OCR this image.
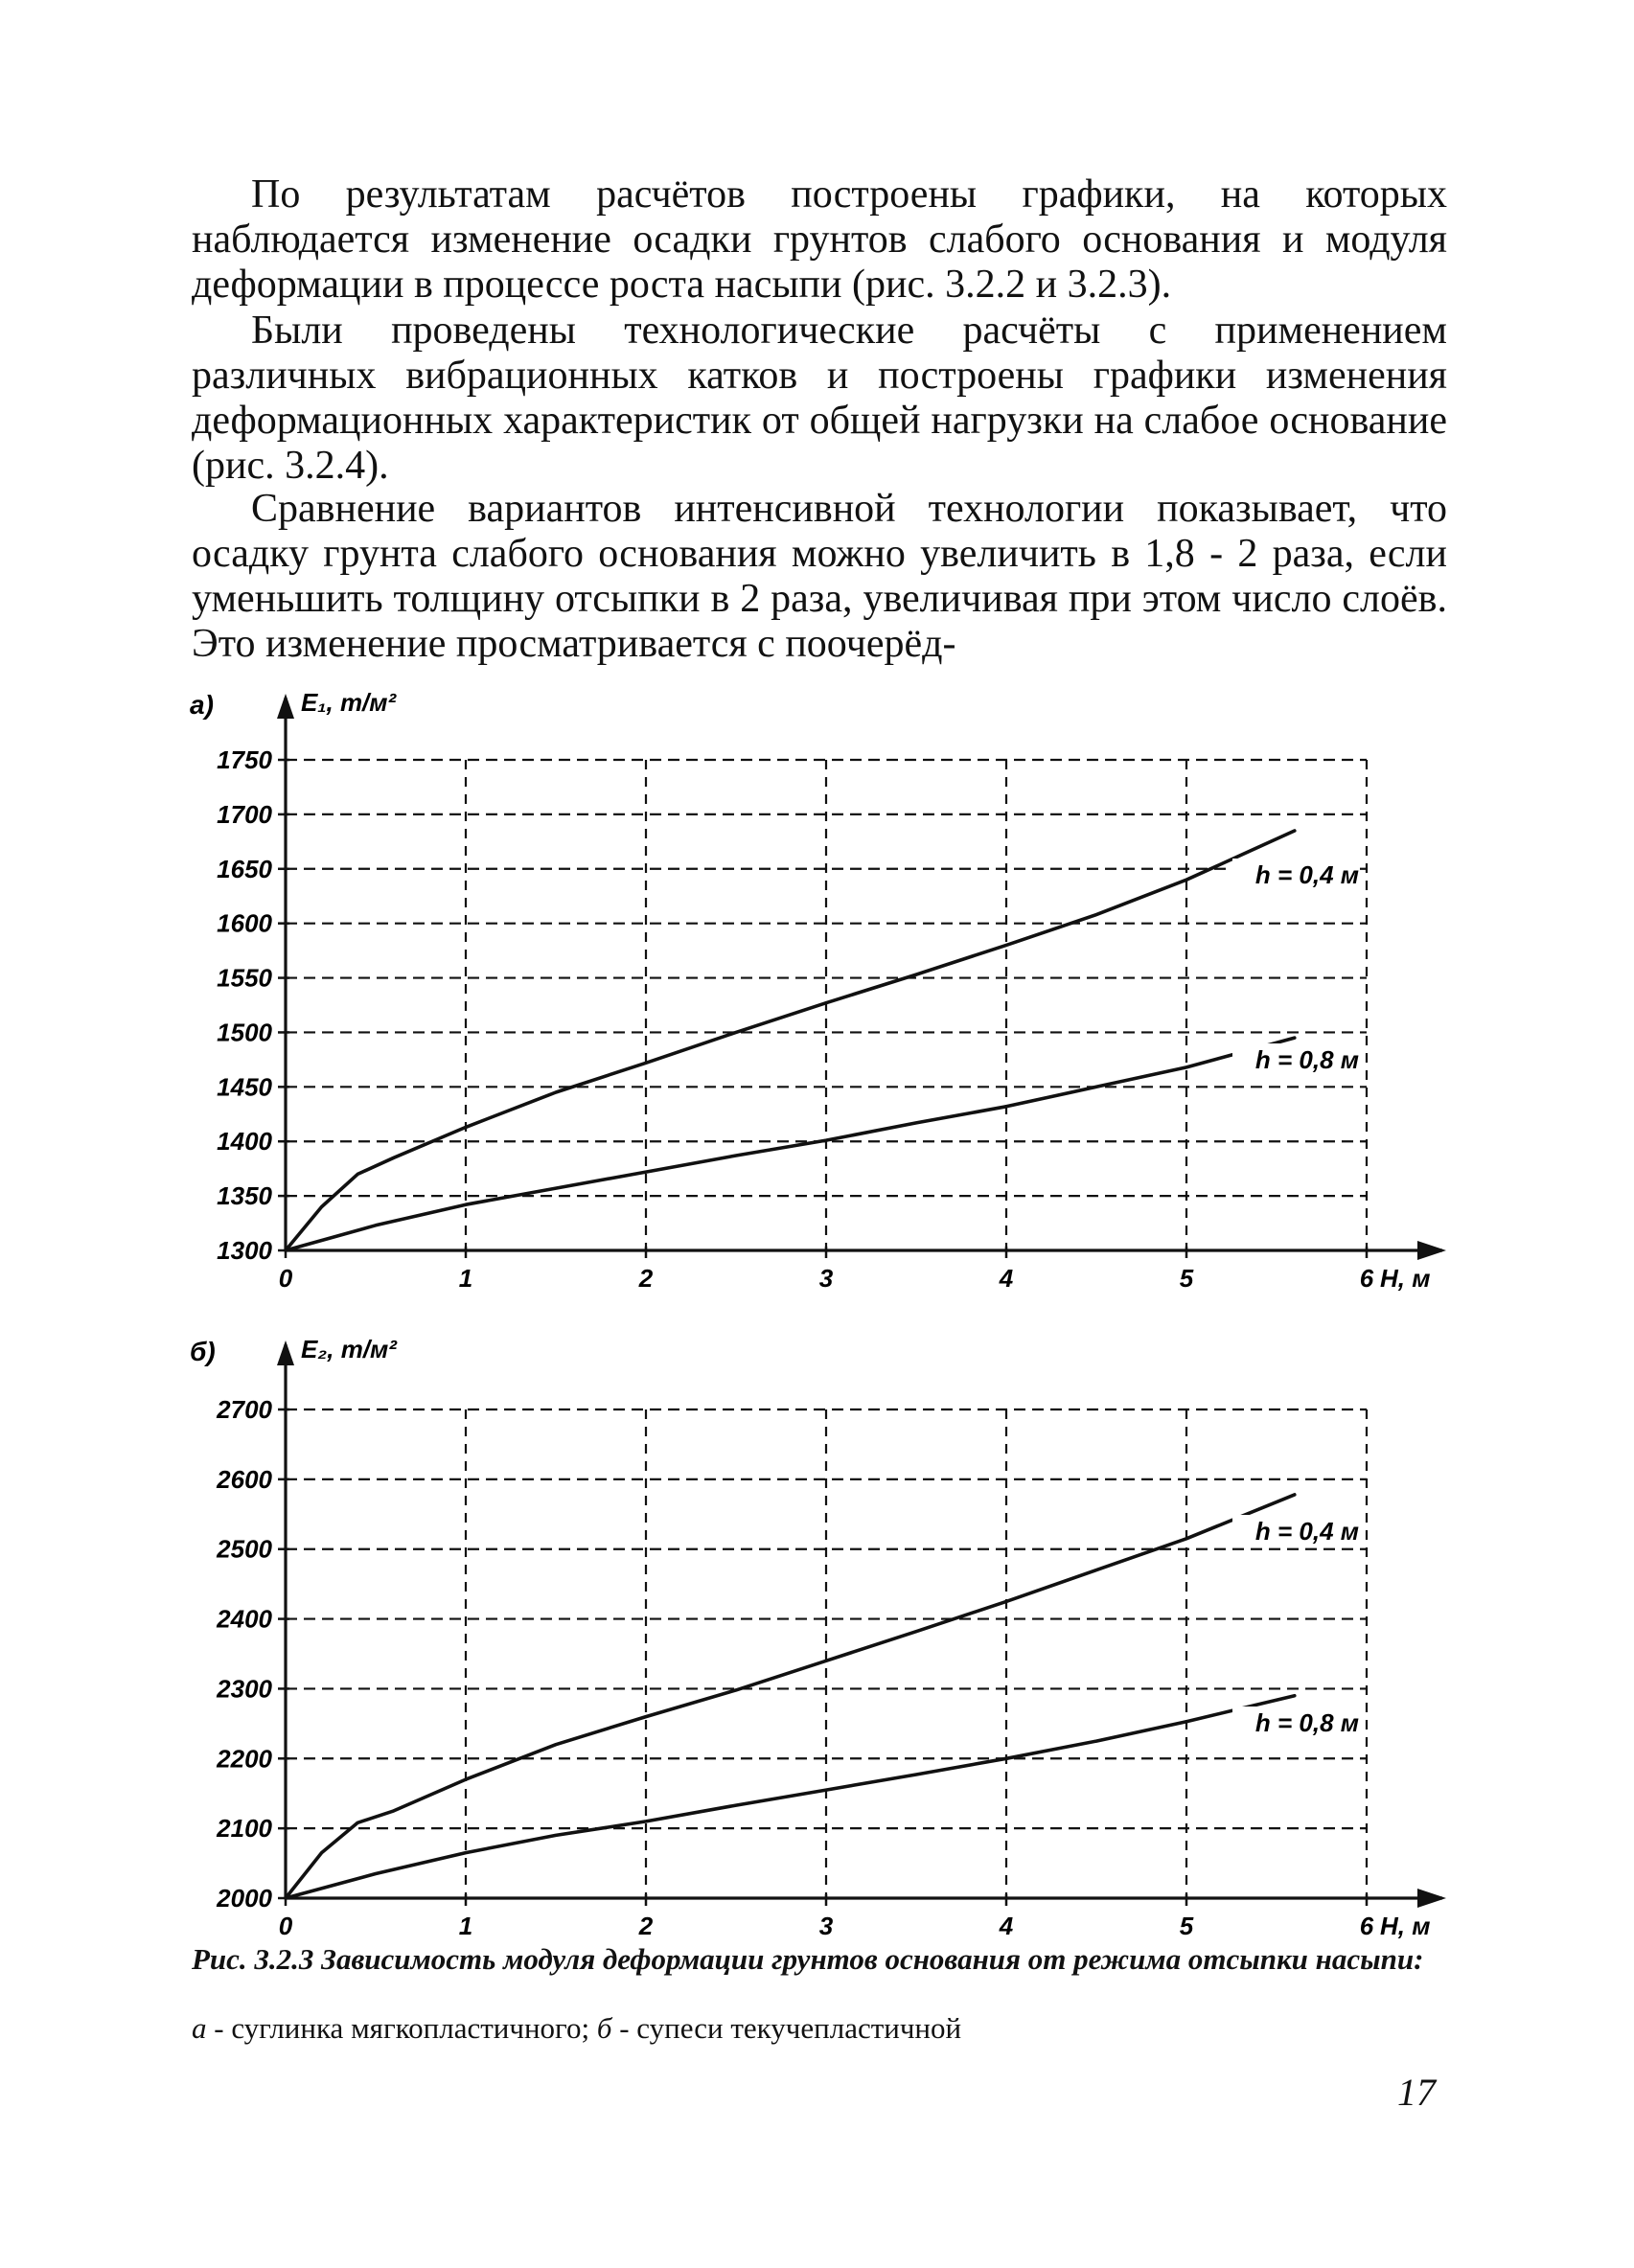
По результатам расчётов построены графики, на которых наблюдается изменение осадки грунтов слабого основания и модуля деформации в процессе роста насыпи (рис. 3.2.2 и 3.2.3).

Были проведены технологические расчёты с применением различных вибрационных катков и построены графики изменения деформационных характеристик от общей нагрузки на слабое основание (рис. 3.2.4).

Сравнение вариантов интенсивной технологии показывает, что осадку грунта слабого основания можно увеличить в 1,8 - 2 раза, если уменьшить толщину отсыпки в 2 раза, увеличивая при этом число слоёв. Это изменение просматривается с поочерёд-

а)
1300
1350
1400
1450
1500
1550
1600
1650
1700
1750
0	1	2	3	4	5	6
E₁, т/м²
Н, м
h = 0,4 м
h = 0,8 м
б)
2000
2100
2200
2300
2400
2500
2600
2700
0	1	2	3	4	5	6
E₂, т/м²
Н, м
h = 0,4 м
h = 0,8 м
Рис. 3.2.3 Зависимость модуля деформации грунтов основания от режима отсыпки насыпи:
а - суглинка мягкопластичного; б - супеси текучепластичной
17
